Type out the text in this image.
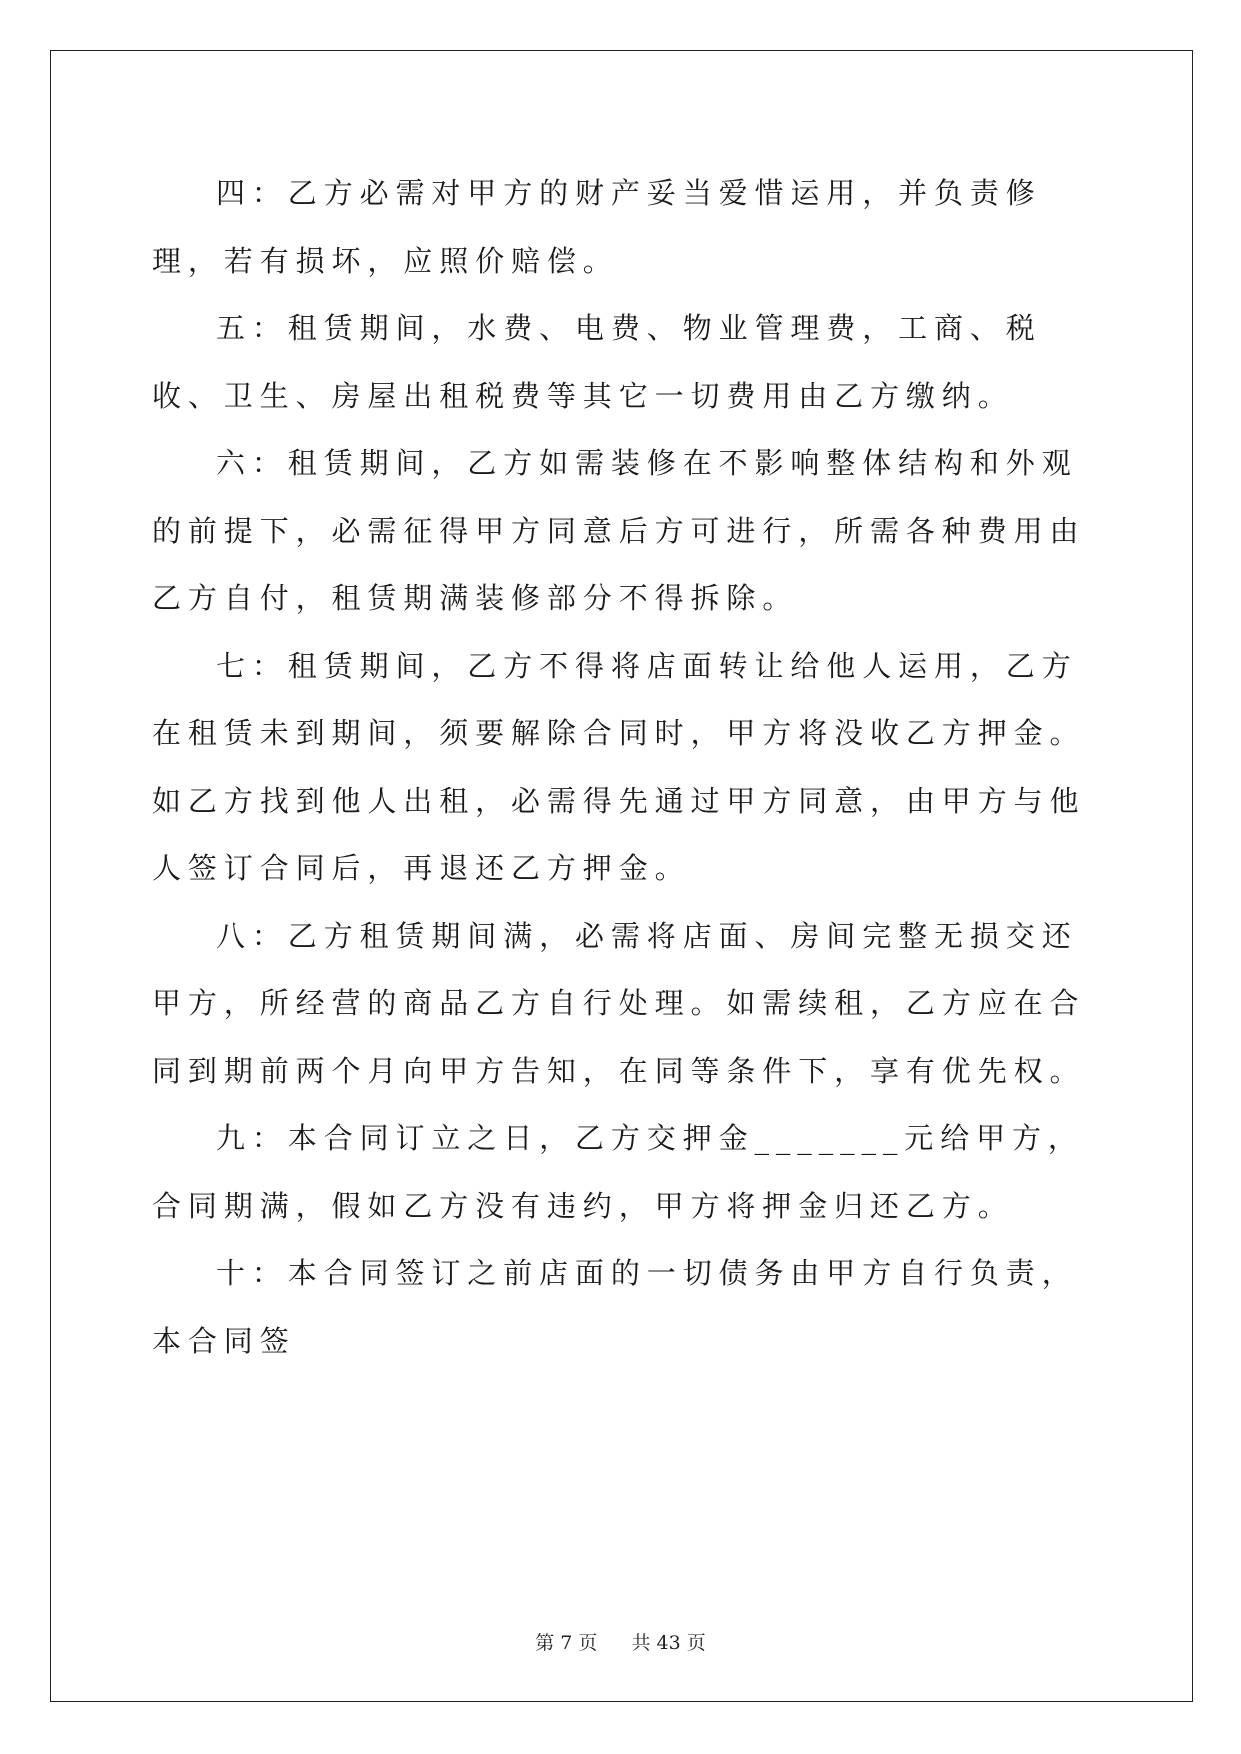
四：乙方必需对甲方的财产妥当爱惜运用，并负责修理，若有损坏，应照价赔偿。

五：租赁期间，水费、电费、物业管理费，工商、税收、卫生、房屋出租税费等其它一切费用由乙方缴纳。

六：租赁期间，乙方如需装修在不影响整体结构和外观的前提下，必需征得甲方同意后方可进行，所需各种费用由乙方自付，租赁期满装修部分不得拆除。

七：租赁期间，乙方不得将店面转让给他人运用，乙方在租赁未到期间，须要解除合同时，甲方将没收乙方押金。如乙方找到他人出租，必需得先通过甲方同意，由甲方与他人签订合同后，再退还乙方押金。

八：乙方租赁期间满，必需将店面、房间完整无损交还甲方，所经营的商品乙方自行处理。如需续租，乙方应在合同到期前两个月向甲方告知，在同等条件下，享有优先权。

九：本合同订立之日，乙方交押金_______元给甲方，合同期满，假如乙方没有违约，甲方将押金归还乙方。

十：本合同签订之前店面的一切债务由甲方自行负责，本合同签

第 7 页 共 43 页
